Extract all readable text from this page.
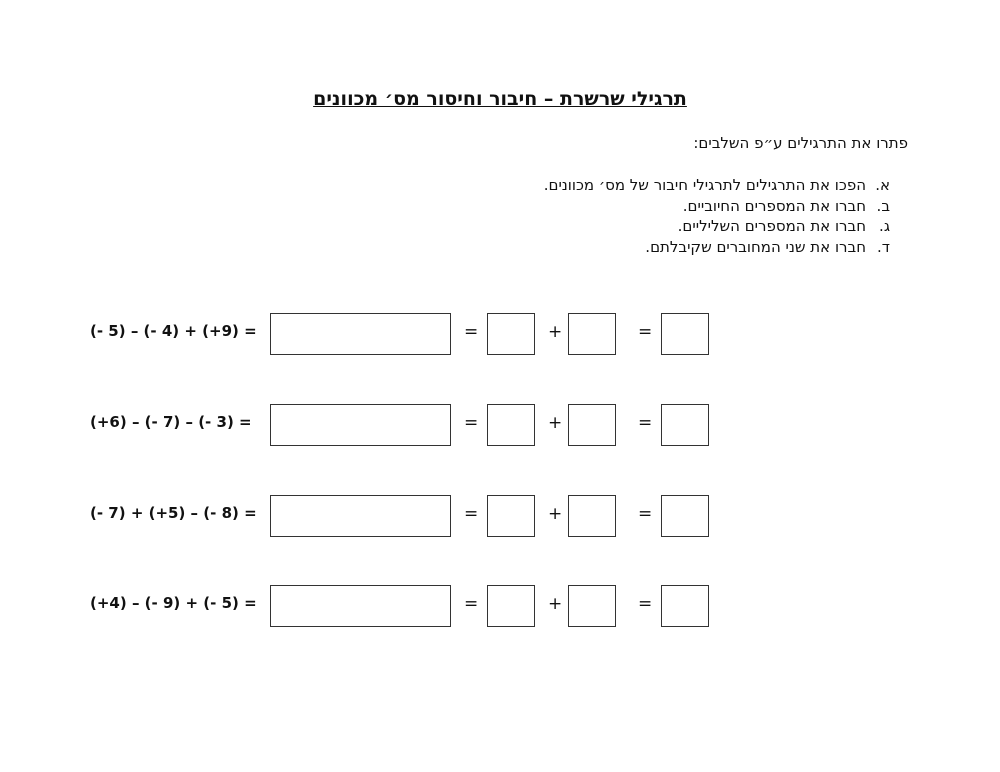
תרגילי שרשרת – חיבור וחיסור מס׳ מכוונים
פתרו את התרגילים ע״פ השלבים:
א.הפכו את התרגילים לתרגילי חיבור של מס׳ מכוונים.
ב.חברו את המספרים החיוביים.
ג.חברו את המספרים השליליים.
ד.חברו את שני המחוברים שקיבלתם.
(- 5) – (- 4) + (+9) =	=	+	=
(+6) – (- 7) – (- 3) =	=	+	=
(- 7) + (+5) – (- 8) =	=	+	=
(+4) – (- 9) + (- 5) =	=	+	=
